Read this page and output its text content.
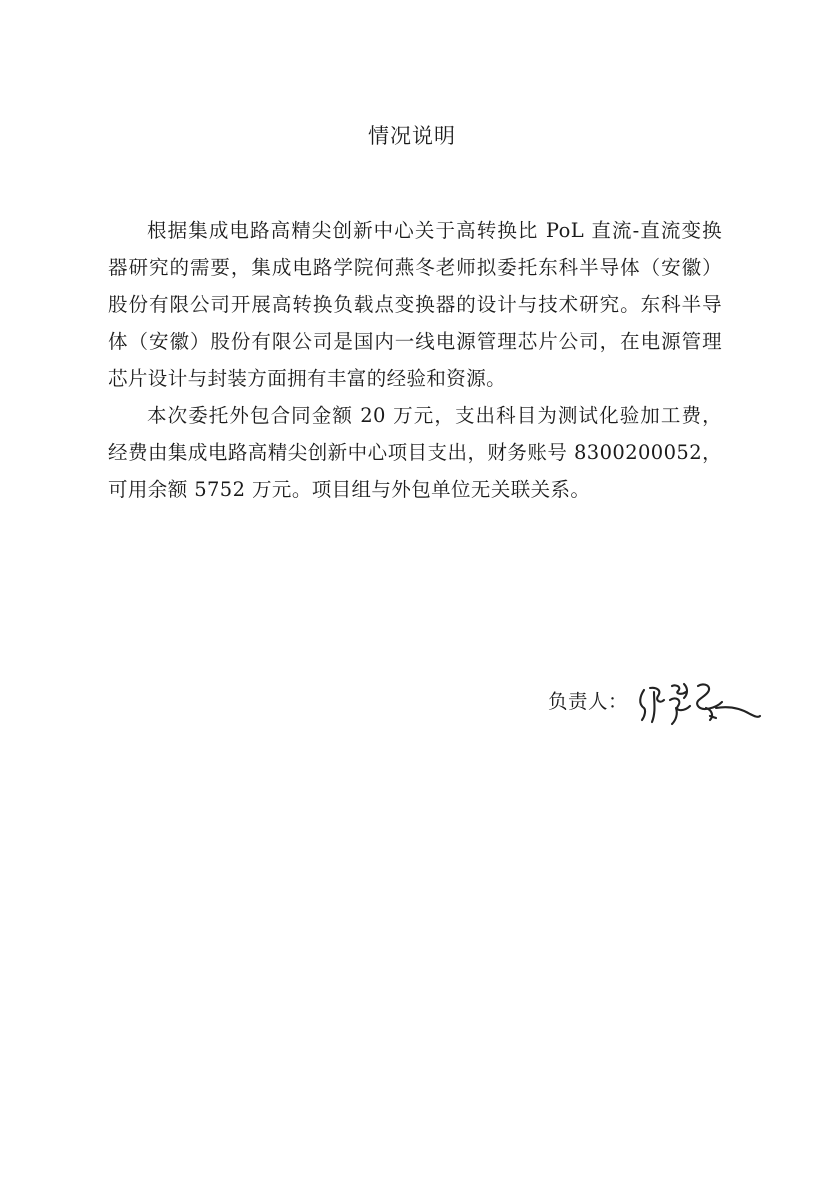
情况说明

根据集成电路高精尖创新中心关于高转换比 PoL 直流-直流变换器研究的需要，集成电路学院何燕冬老师拟委托东科半导体（安徽）股份有限公司开展高转换负载点变换器的设计与技术研究。东科半导体（安徽）股份有限公司是国内一线电源管理芯片公司，在电源管理芯片设计与封装方面拥有丰富的经验和资源。

本次委托外包合同金额 20 万元，支出科目为测试化验加工费，经费由集成电路高精尖创新中心项目支出，财务账号 8300200052，可用余额 5752 万元。项目组与外包单位无关联关系。

负责人：
